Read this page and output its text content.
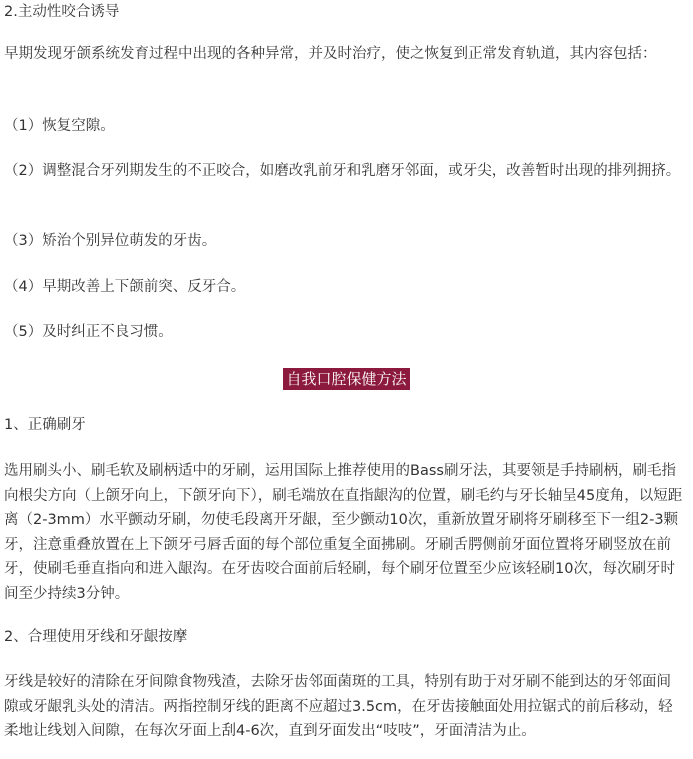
2.主动性咬合诱导

早期发现牙颌系统发育过程中出现的各种异常，并及时治疗，使之恢复到正常发育轨道，其内容包括：

（1）恢复空隙。

（2）调整混合牙列期发生的不正咬合，如磨改乳前牙和乳磨牙邻面，或牙尖，改善暂时出现的排列拥挤。

（3）矫治个别异位萌发的牙齿。

（4）早期改善上下颌前突、反牙合。

（5）及时纠正不良习惯。

自我口腔保健方法

1、正确刷牙

选用刷头小、刷毛软及刷柄适中的牙刷，运用国际上推荐使用的Bass刷牙法，其要领是手持刷柄，刷毛指向根尖方向（上颌牙向上，下颌牙向下），刷毛端放在直指龈沟的位置，刷毛约与牙长轴呈45度角，以短距离（2-3mm）水平颤动牙刷，勿使毛段离开牙龈，至少颤动10次，重新放置牙刷将牙刷移至下一组2-3颗牙，注意重叠放置在上下颌牙弓唇舌面的每个部位重复全面拂刷。牙刷舌腭侧前牙面位置将牙刷竖放在前牙，使刷毛垂直指向和进入龈沟。在牙齿咬合面前后轻刷，每个刷牙位置至少应该轻刷10次，每次刷牙时间至少持续3分钟。

2、合理使用牙线和牙龈按摩

牙线是较好的清除在牙间隙食物残渣，去除牙齿邻面菌斑的工具，特别有助于对牙刷不能到达的牙邻面间隙或牙龈乳头处的清洁。两指控制牙线的距离不应超过3.5cm，在牙齿接触面处用拉锯式的前后移动，轻柔地让线划入间隙，在每次牙面上刮4-6次，直到牙面发出“吱吱”，牙面清洁为止。
